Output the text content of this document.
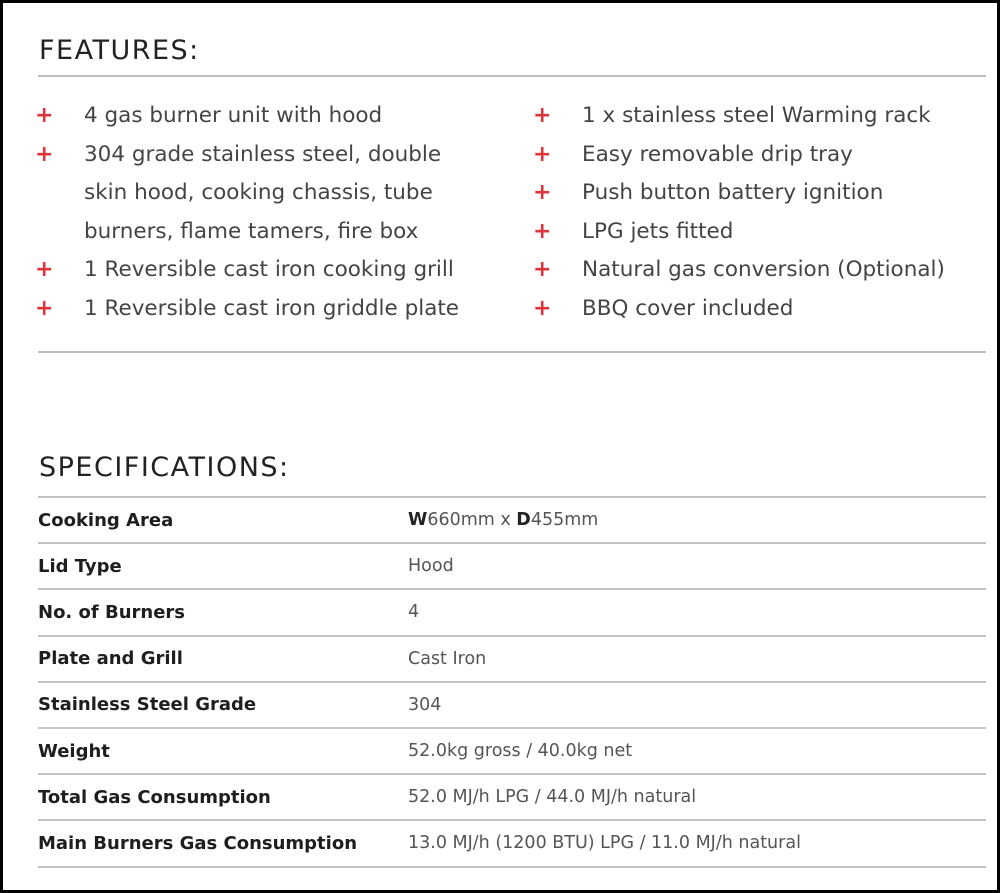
FEATURES:
+ 4 gas burner unit with hood
+ 304 grade stainless steel, double
skin hood, cooking chassis, tube
burners, flame tamers, fire box
+ 1 Reversible cast iron cooking grill
+ 1 Reversible cast iron griddle plate
+ 1 x stainless steel Warming rack
+ Easy removable drip tray
+ Push button battery ignition
+ LPG jets fitted
+ Natural gas conversion (Optional)
+ BBQ cover included
SPECIFICATIONS:
Cooking Area	W660mm x D455mm
Lid Type	Hood
No. of Burners	4
Plate and Grill	Cast Iron
Stainless Steel Grade	304
Weight	52.0kg gross / 40.0kg net
Total Gas Consumption	52.0 MJ/h LPG / 44.0 MJ/h natural
Main Burners Gas Consumption	13.0 MJ/h (1200 BTU) LPG / 11.0 MJ/h natural
